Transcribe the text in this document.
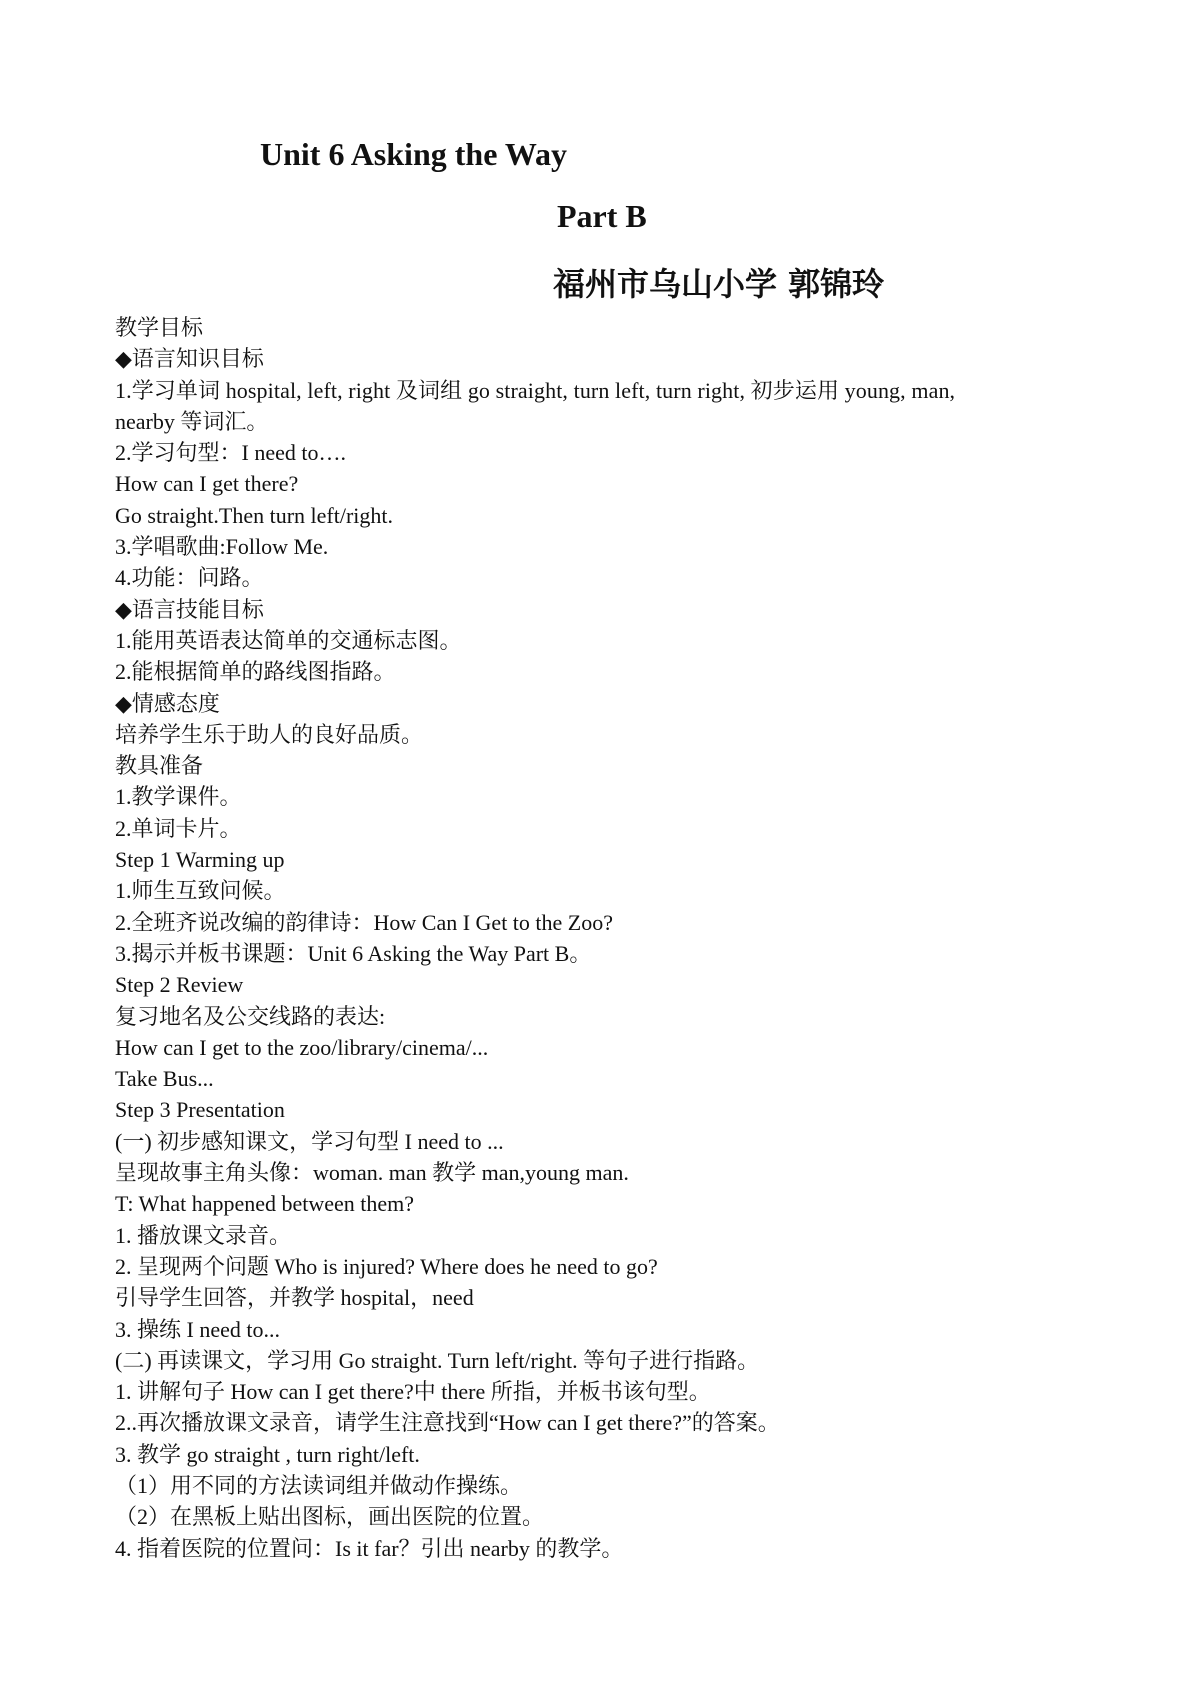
Unit 6 Asking the Way
Part B
福州市乌山小学 郭锦玲
教学目标
◆语言知识目标
1.学习单词 hospital, left, right 及词组 go straight, turn left, turn right, 初步运用 young, man,
nearby 等词汇。
2.学习句型：I need to….
How can I get there?
Go straight.Then turn left/right.
3.学唱歌曲:Follow Me.
4.功能：问路。
◆语言技能目标
1.能用英语表达简单的交通标志图。
2.能根据简单的路线图指路。
◆情感态度
培养学生乐于助人的良好品质。
教具准备
1.教学课件。
2.单词卡片。
Step 1 Warming up
1.师生互致问候。
2.全班齐说改编的韵律诗：How Can I Get to the Zoo?
3.揭示并板书课题：Unit 6 Asking the Way Part B。
Step 2 Review
复习地名及公交线路的表达:
How can I get to the zoo/library/cinema/...
Take Bus...
Step 3 Presentation
(一) 初步感知课文，学习句型 I need to ...
呈现故事主角头像：woman. man 教学 man,young man.
T: What happened between them?
1. 播放课文录音。
2. 呈现两个问题 Who is injured? Where does he need to go?
引导学生回答，并教学 hospital，need
3. 操练 I need to...
(二) 再读课文，学习用 Go straight. Turn left/right. 等句子进行指路。
1. 讲解句子 How can I get there?中 there 所指，并板书该句型。
2..再次播放课文录音，请学生注意找到“How can I get there?”的答案。
3. 教学 go straight , turn right/left.
（1）用不同的方法读词组并做动作操练。
（2）在黑板上贴出图标，画出医院的位置。
4. 指着医院的位置问：Is it far？引出 nearby 的教学。
